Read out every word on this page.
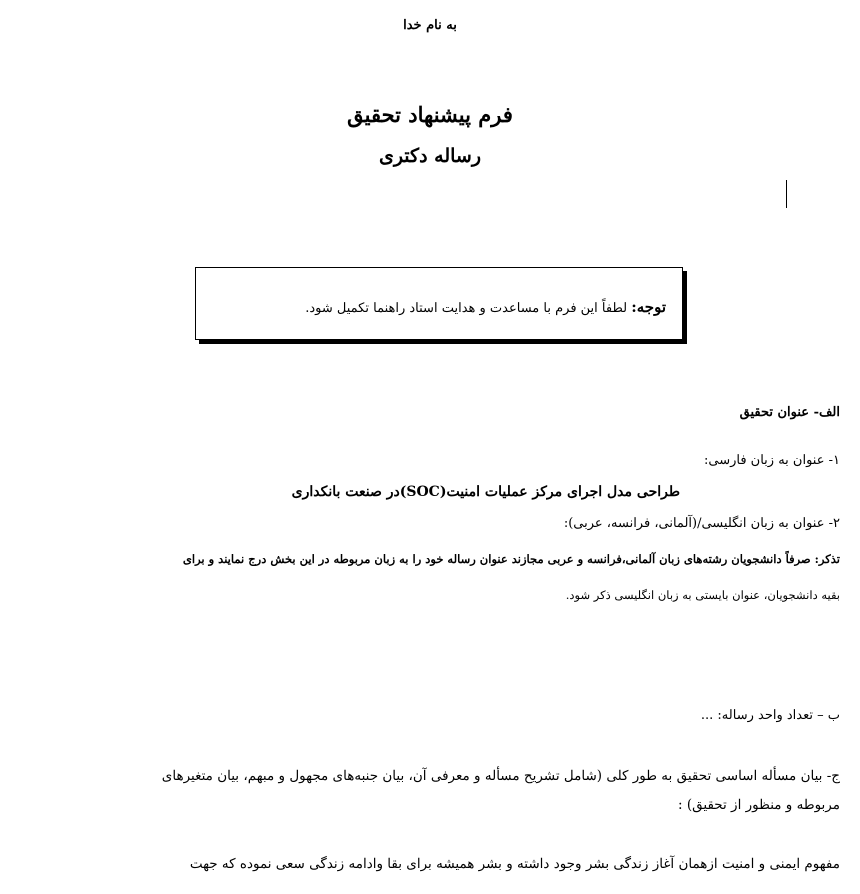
به نام خدا
فرم پیشنهاد تحقیق
رساله دکتری
توجه: لطفاً این فرم با مساعدت و هدایت استاد راهنما تکمیل شود.
الف- عنوان تحقیق
۱- عنوان به زبان فارسی:
طراحی مدل اجرای مرکز عملیات امنیت(SOC)در صنعت بانکداری
۲- عنوان به زبان انگلیسی/(آلمانی، فرانسه، عربی):
تذکر: صرفاً دانشجویان رشته‌های زبان آلمانی،فرانسه و عربی مجازند عنوان رساله خود را به زبان مربوطه در این بخش درج نمایند و برای
بقیه دانشجویان، عنوان بایستی به زبان انگلیسی ذکر شود.
ب – تعداد واحد رساله: ...
ج- بیان مسأله اساسی تحقیق به طور کلی (شامل تشریح مسأله و معرفی آن، بیان جنبه‌های مجهول و مبهم، بیان متغیرهای
مربوطه و منظور از تحقیق) :
مفهوم ایمنی و امنیت ازهمان آغاز زندگی بشر وجود داشته و بشر همیشه برای بقا وادامه زندگی سعی نموده که جهت
